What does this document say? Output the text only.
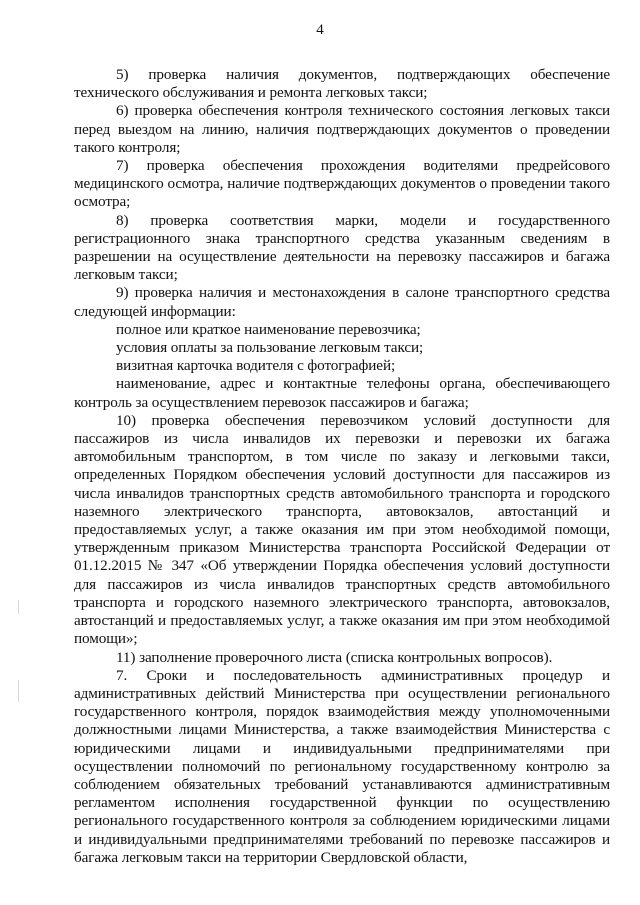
4

5) проверка наличия документов, подтверждающих обеспечение технического обслуживания и ремонта легковых такси;

6) проверка обеспечения контроля технического состояния легковых такси перед выездом на линию, наличия подтверждающих документов о проведении такого контроля;

7) проверка обеспечения прохождения водителями предрейсового медицинского осмотра, наличие подтверждающих документов о проведении такого осмотра;

8) проверка соответствия марки, модели и государственного регистрационного знака транспортного средства указанным сведениям в разрешении на осуществление деятельности на перевозку пассажиров и багажа легковым такси;

9) проверка наличия и местонахождения в салоне транспортного средства следующей информации:

полное или краткое наименование перевозчика;

условия оплаты за пользование легковым такси;

визитная карточка водителя с фотографией;

наименование, адрес и контактные телефоны органа, обеспечивающего контроль за осуществлением перевозок пассажиров и багажа;

10) проверка обеспечения перевозчиком условий доступности для пассажиров из числа инвалидов их перевозки и перевозки их багажа автомобильным транспортом, в том числе по заказу и легковыми такси, определенных Порядком обеспечения условий доступности для пассажиров из числа инвалидов транспортных средств автомобильного транспорта и городского наземного электрического транспорта, автовокзалов, автостанций и предоставляемых услуг, а также оказания им при этом необходимой помощи, утвержденным приказом Министерства транспорта Российской Федерации от 01.12.2015 № 347 «Об утверждении Порядка обеспечения условий доступности для пассажиров из числа инвалидов транспортных средств автомобильного транспорта и городского наземного электрического транспорта, автовокзалов, автостанций и предоставляемых услуг, а также оказания им при этом необходимой помощи»;

11) заполнение проверочного листа (списка контрольных вопросов).

7. Сроки и последовательность административных процедур и административных действий Министерства при осуществлении регионального государственного контроля, порядок взаимодействия между уполномоченными должностными лицами Министерства, а также взаимодействия Министерства с юридическими лицами и индивидуальными предпринимателями при осуществлении полномочий по региональному государственному контролю за соблюдением обязательных требований устанавливаются административным регламентом исполнения государственной функции по осуществлению регионального государственного контроля за соблюдением юридическими лицами и индивидуальными предпринимателями требований по перевозке пассажиров и багажа легковым такси на территории Свердловской области,
